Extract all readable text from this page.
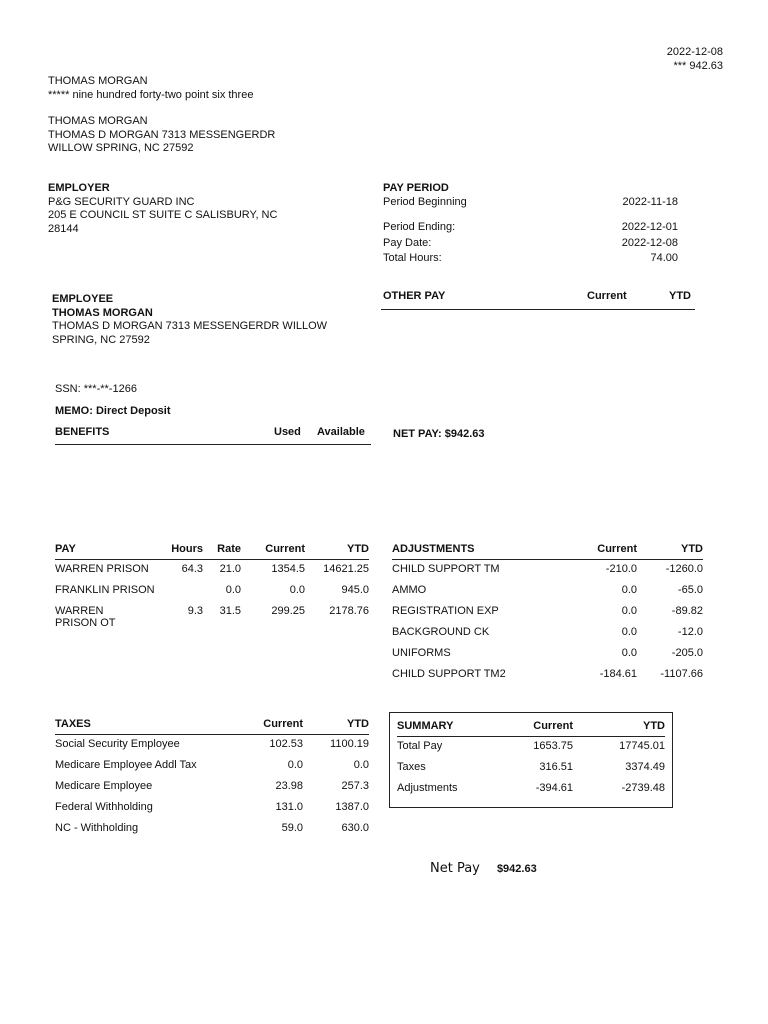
2022-12-08
*** 942.63
THOMAS MORGAN
***** nine hundred forty-two point six three
THOMAS MORGAN
THOMAS D MORGAN 7313 MESSENGERDR
WILLOW SPRING, NC 27592
EMPLOYER
P&G SECURITY GUARD INC
205 E COUNCIL ST SUITE C SALISBURY, NC
28144
PAY PERIOD
Period Beginning	2022-11-18
Period Ending:	2022-12-01
Pay Date:	2022-12-08
Total Hours:	74.00
EMPLOYEE
THOMAS MORGAN
THOMAS D MORGAN 7313 MESSENGERDR WILLOW
SPRING, NC 27592
OTHER PAY	Current	YTD
SSN: ***-**-1266
MEMO: Direct Deposit
BENEFITS	Used Available	NET PAY: $942.63
PAY	Hours	Rate	Current	YTD
WARREN PRISON	64.3	21.0	1354.5	14621.25
FRANKLIN PRISON		0.0	0.0	945.0
WARREN PRISON OT	9.3	31.5	299.25	2178.76
ADJUSTMENTS	Current	YTD
CHILD SUPPORT TM	-210.0	-1260.0
AMMO	0.0	-65.0
REGISTRATION EXP	0.0	-89.82
BACKGROUND CK	0.0	-12.0
UNIFORMS	0.0	-205.0
CHILD SUPPORT TM2	-184.61	-1107.66
TAXES	Current	YTD
Social Security Employee	102.53	1100.19
Medicare Employee Addl Tax	0.0	0.0
Medicare Employee	23.98	257.3
Federal Withholding	131.0	1387.0
NC - Withholding	59.0	630.0
SUMMARY	Current	YTD
Total Pay	1653.75	17745.01
Taxes	316.51	3374.49
Adjustments	-394.61	-2739.48
Net Pay $942.63
